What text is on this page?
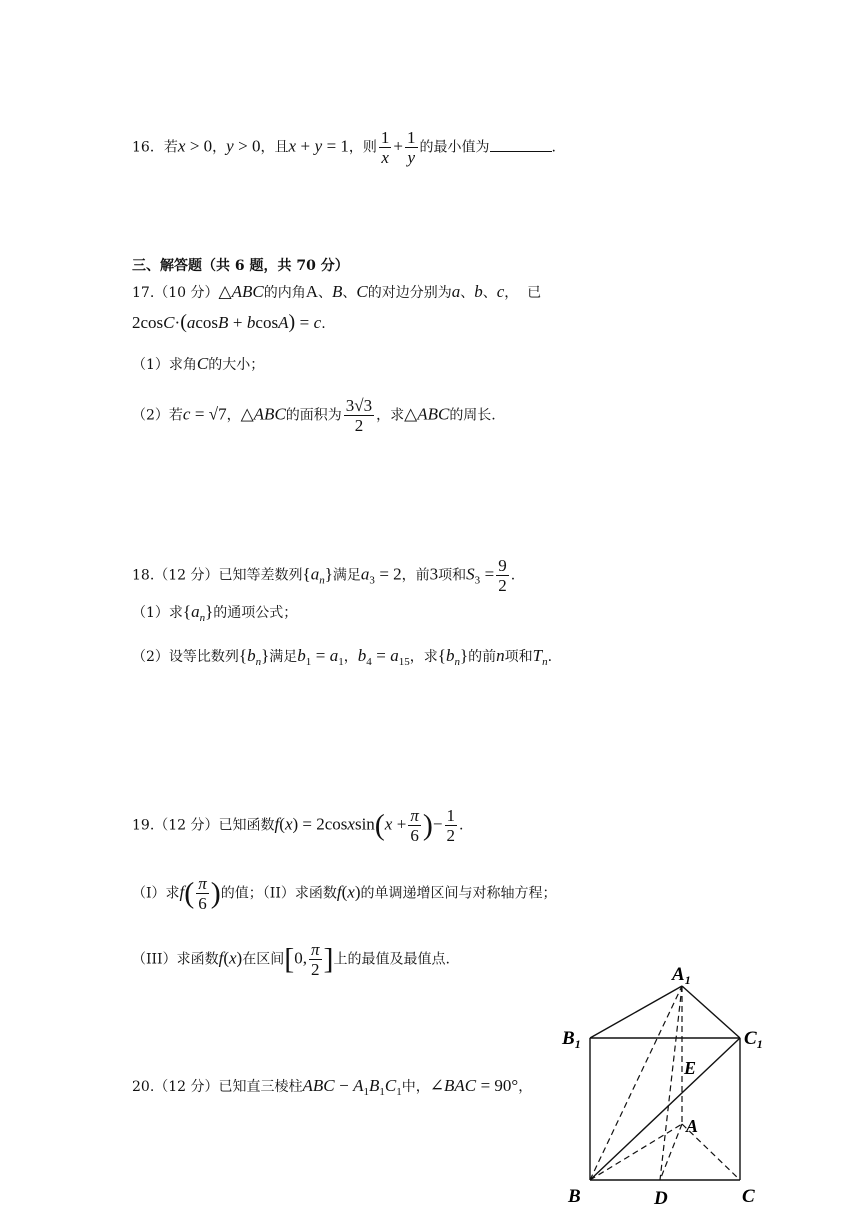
16．若x > 0，y > 0，且x + y = 1，则 $\frac{1}{x} + \frac{1}{y}$ 的最小值为	.
三、解答题（共 6 题，共 70 分）
17.（10 分）△ABC的内角A、B、C的对边分别为a、b、c，  已
2cosC·(acosB + bcosA) = c.
（1）求角C的大小；
（2）若c = √7，△ABC的面积为 $\frac{3√3}{2}$ ，求△ABC的周长.
18.（12 分）已知等差数列$\{a_n\}$满足$a_3 = 2$，前3项和$S_3 = \frac{9}{2}$ .
（1）求$\{a_n\}$的通项公式；
（2）设等比数列$\{b_n\}$满足$b_1 = a_1$，$b_4 = a_{15}$，求$\{b_n\}$的前n项和$T_n$.
19.（12 分）已知函数f(x) = 2cosxsin(x + $\frac{\pi}{6}$ )− $\frac{1}{2}$ .
（I）求$f( \frac{\pi}{6}$ )的值；（II）求函数f(x)的单调递增区间与对称轴方程；
（III）求函数f(x)在区间[0, $\frac{\pi}{2}$ ]上的最值及最值点.
20.（12 分）已知直三棱柱ABC − $A_1B_1C_1$中，∠BAC = 90°，
$A_1$
$B_1$	$C_1$
E
A
B	D	C
